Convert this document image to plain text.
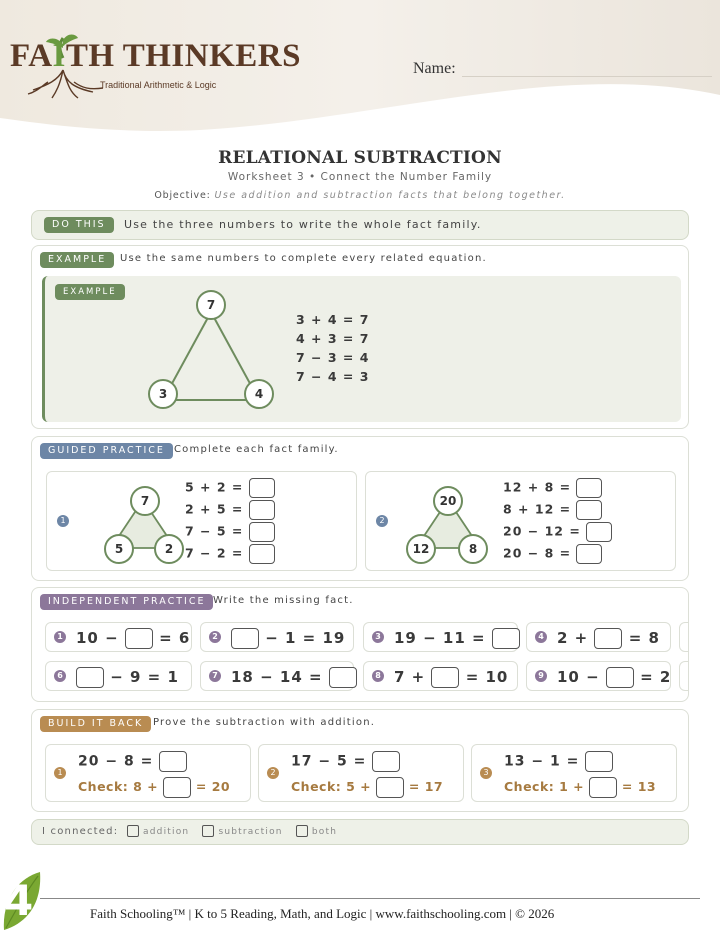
FAITH THINKERS
Traditional Arithmetic & Logic
Name:
RELATIONAL SUBTRACTION
Worksheet 3 • Connect the Number Family
Objective: Use addition and subtraction facts that belong together.
DO THIS	Use the three numbers to write the whole fact family.
EXAMPLE	Use the same numbers to complete every related equation.
EXAMPLE
7
3	4
3 + 4 = 7
4 + 3 = 7
7 − 3 = 4
7 − 4 = 3
GUIDED PRACTICE Complete each fact family.
1
7
5	2
5 + 2 =
2 + 5 =
7 − 5 =
7 − 2 =
2
20
12	8
12 + 8 =
8 + 12 =
20 − 12 =
20 − 8 =
INDEPENDENT PRACTICE Write the missing fact.
1 10 −	= 6	2	− 1 = 19	3 19 − 11 =	4 2 +	= 8
6	− 9 = 1	7 18 − 14 =	8 7 +	= 10	9 10 −	= 2
BUILD IT BACK Prove the subtraction with addition.
1
20 − 8 =
Check: 8 +	= 20
2
17 − 5 =
Check: 5 +	= 17
3
13 − 1 =
Check: 1 +	= 13
I connected:	addition	subtraction	both
4	Faith Schooling™ | K to 5 Reading, Math, and Logic | www.faithschooling.com | © 2026
